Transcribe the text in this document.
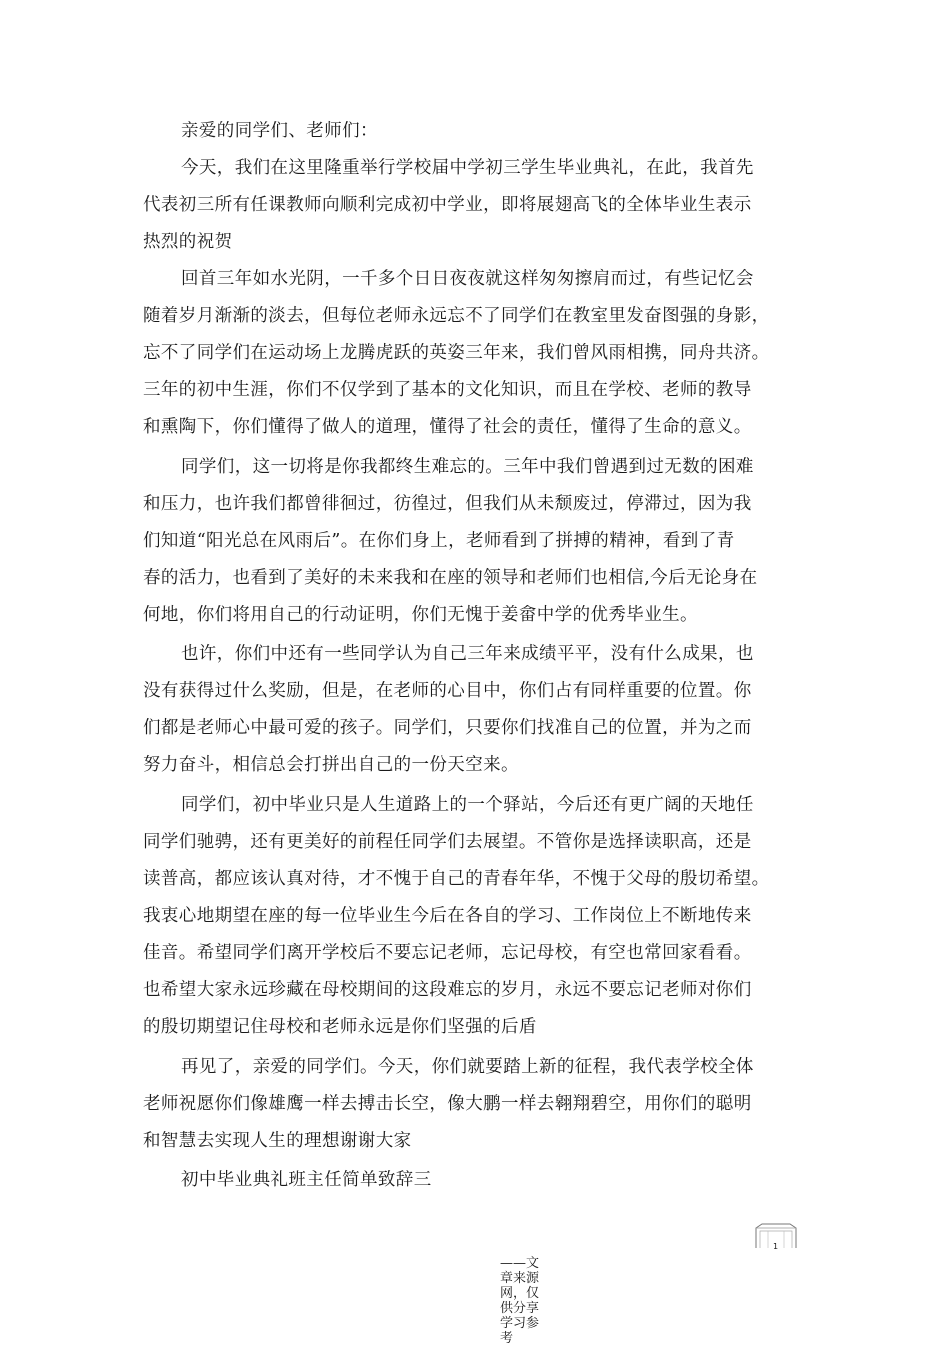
亲爱的同学们、老师们：
今天，我们在这里隆重举行学校届中学初三学生毕业典礼，在此，我首先
代表初三所有任课教师向顺利完成初中学业，即将展翅高飞的全体毕业生表示
热烈的祝贺
回首三年如水光阴，一千多个日日夜夜就这样匆匆擦肩而过，有些记忆会
随着岁月渐渐的淡去，但每位老师永远忘不了同学们在教室里发奋图强的身影，
忘不了同学们在运动场上龙腾虎跃的英姿三年来，我们曾风雨相携，同舟共济。
三年的初中生涯，你们不仅学到了基本的文化知识，而且在学校、老师的教导
和熏陶下，你们懂得了做人的道理，懂得了社会的责任，懂得了生命的意义。
同学们，这一切将是你我都终生难忘的。三年中我们曾遇到过无数的困难
和压力，也许我们都曾徘徊过，彷徨过，但我们从未颓废过，停滞过，因为我
们知道“阳光总在风雨后”。在你们身上，老师看到了拼搏的精神，看到了青
春的活力，也看到了美好的未来我和在座的领导和老师们也相信,今后无论身在
何地，你们将用自己的行动证明，你们无愧于姜畲中学的优秀毕业生。
也许，你们中还有一些同学认为自己三年来成绩平平，没有什么成果，也
没有获得过什么奖励，但是，在老师的心目中，你们占有同样重要的位置。你
们都是老师心中最可爱的孩子。同学们，只要你们找准自己的位置，并为之而
努力奋斗，相信总会打拼出自己的一份天空来。
同学们，初中毕业只是人生道路上的一个驿站，今后还有更广阔的天地任
同学们驰骋，还有更美好的前程任同学们去展望。不管你是选择读职高，还是
读普高，都应该认真对待，才不愧于自己的青春年华，不愧于父母的殷切希望。
我衷心地期望在座的每一位毕业生今后在各自的学习、工作岗位上不断地传来
佳音。希望同学们离开学校后不要忘记老师，忘记母校，有空也常回家看看。
也希望大家永远珍藏在母校期间的这段难忘的岁月，永远不要忘记老师对你们
的殷切期望记住母校和老师永远是你们坚强的后盾
再见了，亲爱的同学们。今天，你们就要踏上新的征程，我代表学校全体
老师祝愿你们像雄鹰一样去搏击长空，像大鹏一样去翱翔碧空，用你们的聪明
和智慧去实现人生的理想谢谢大家
初中毕业典礼班主任简单致辞三
1
——文章来源网，仅供分享学习参考
